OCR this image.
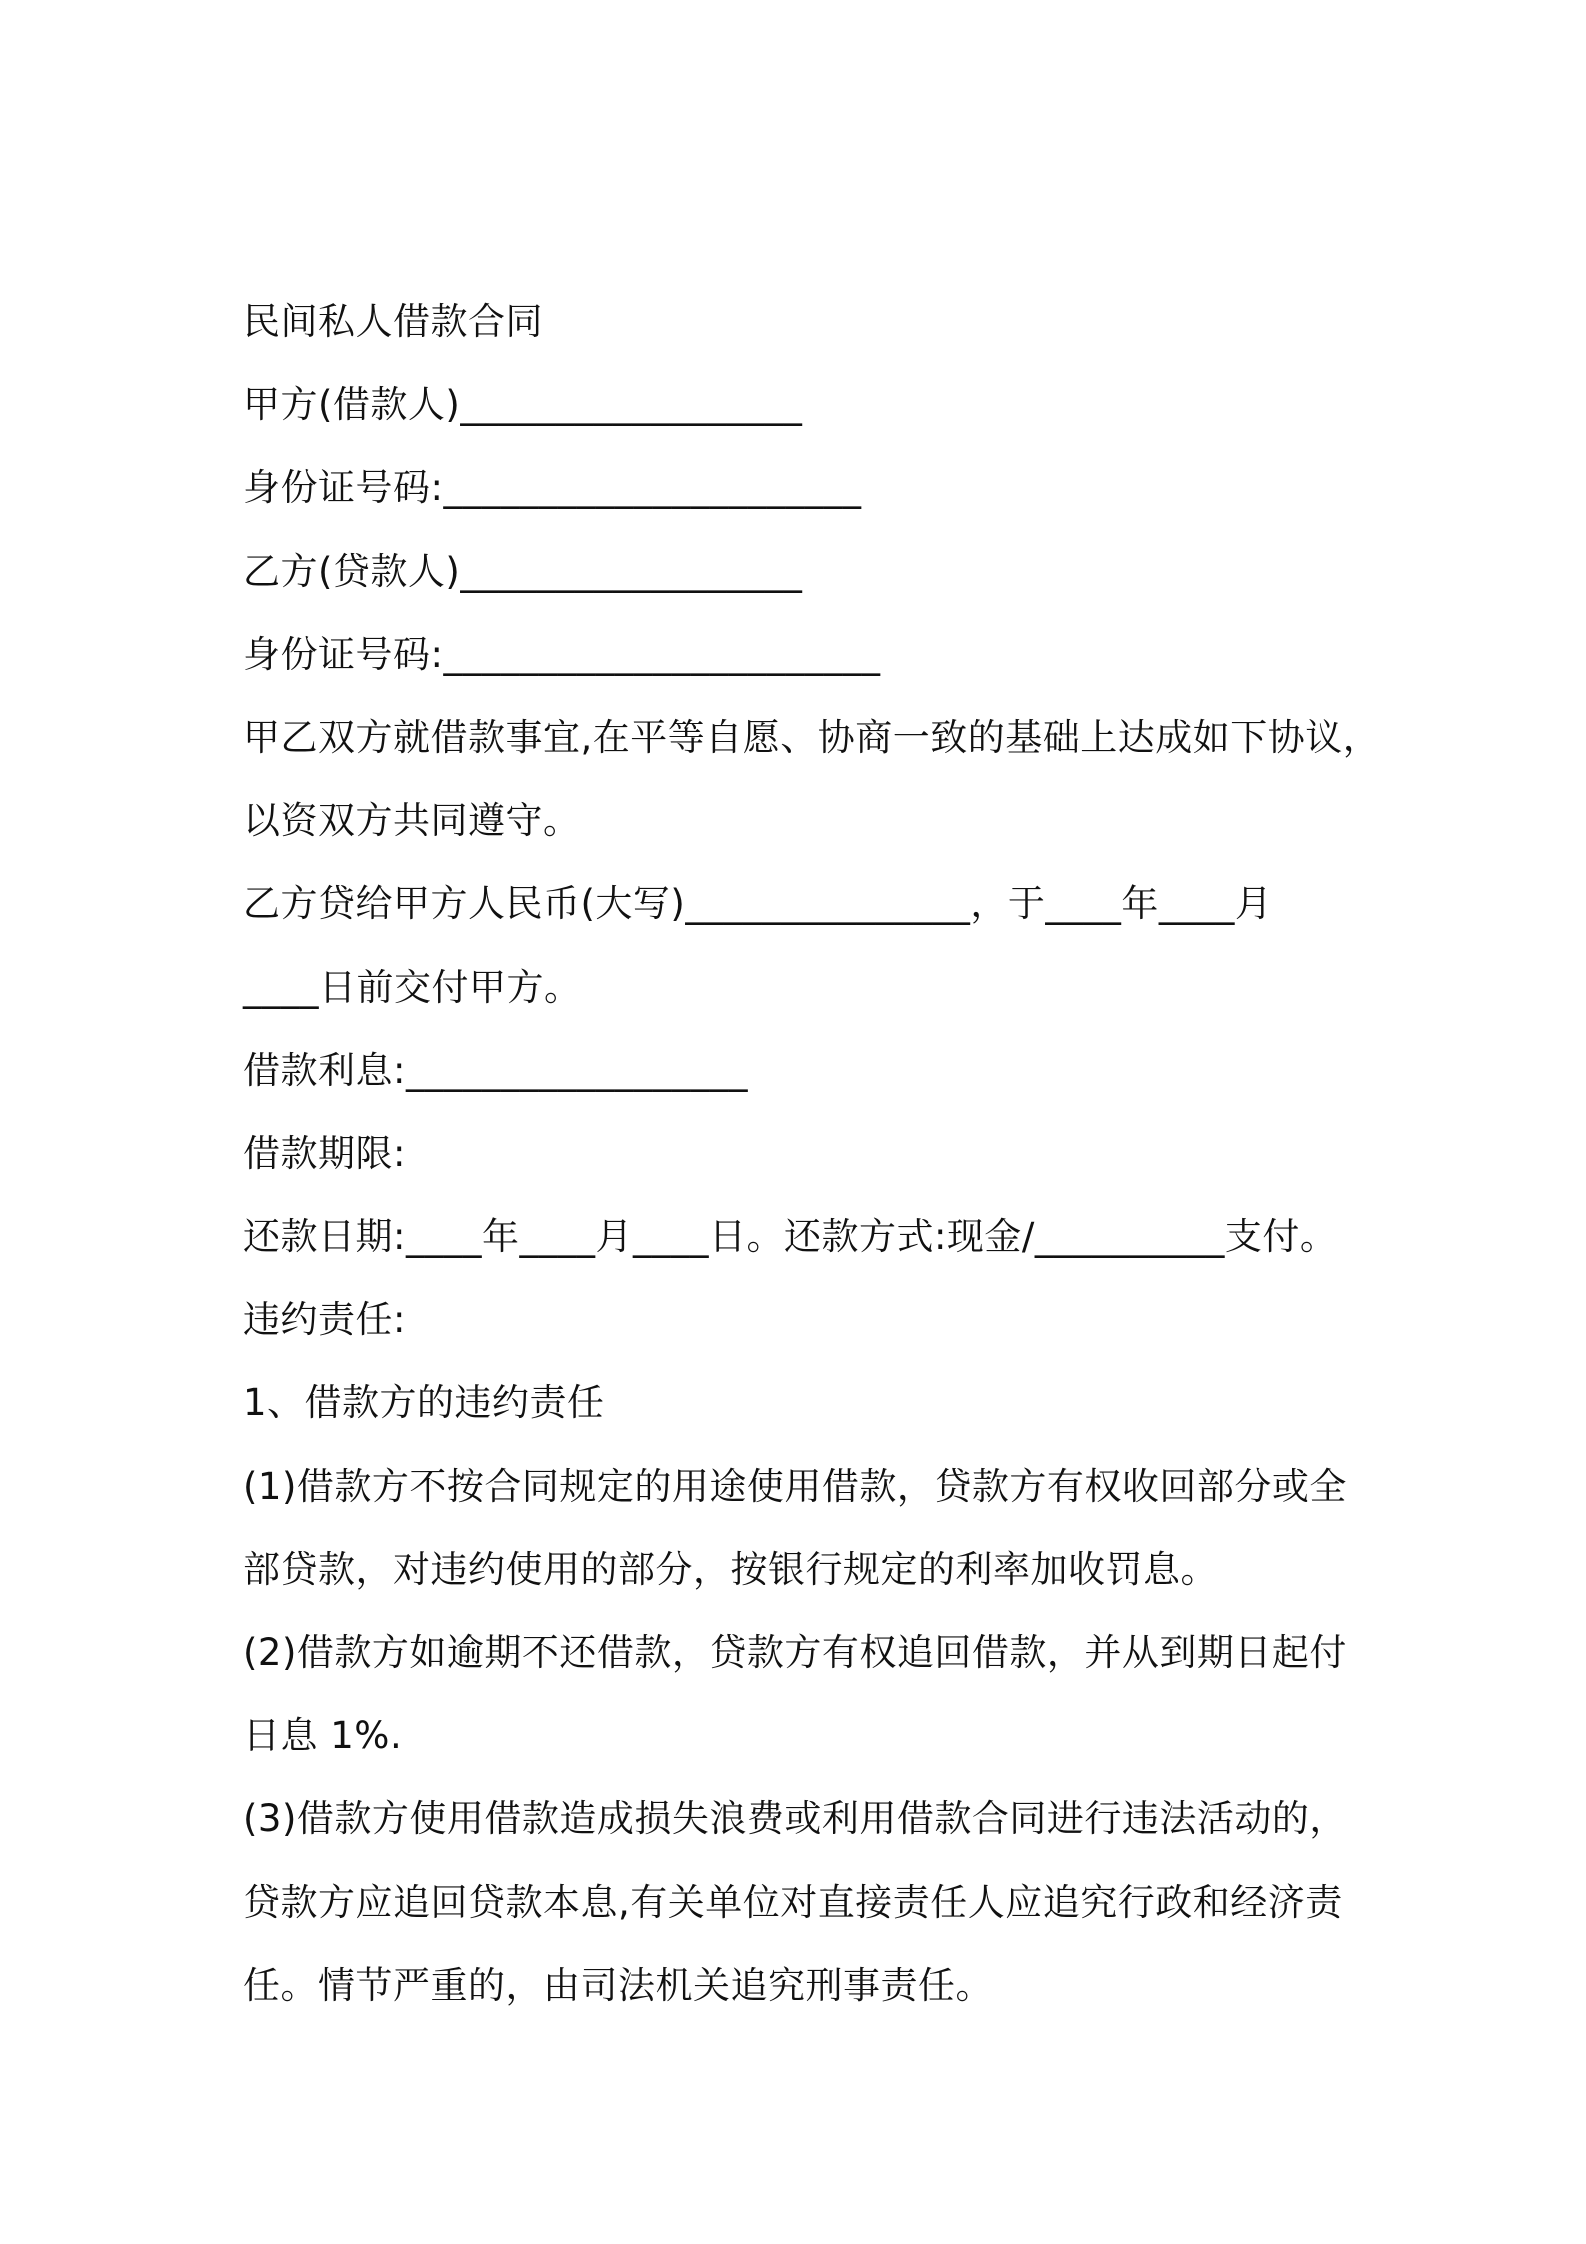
民间私人借款合同
甲方(借款人)__________________
身份证号码:______________________
乙方(贷款人)__________________
身份证号码:_______________________
甲乙双方就借款事宜,在平等自愿、协商一致的基础上达成如下协议，
以资双方共同遵守。
乙方贷给甲方人民币(大写)_______________，于____年____月
____日前交付甲方。
借款利息:__________________
借款期限:
还款日期:____年____月____日。还款方式:现金/__________支付。
违约责任:
1、借款方的违约责任
(1)借款方不按合同规定的用途使用借款，贷款方有权收回部分或全
部贷款，对违约使用的部分，按银行规定的利率加收罚息。
(2)借款方如逾期不还借款，贷款方有权追回借款，并从到期日起付
日息 1%.
(3)借款方使用借款造成损失浪费或利用借款合同进行违法活动的，
贷款方应追回贷款本息,有关单位对直接责任人应追究行政和经济责
任。情节严重的，由司法机关追究刑事责任。
